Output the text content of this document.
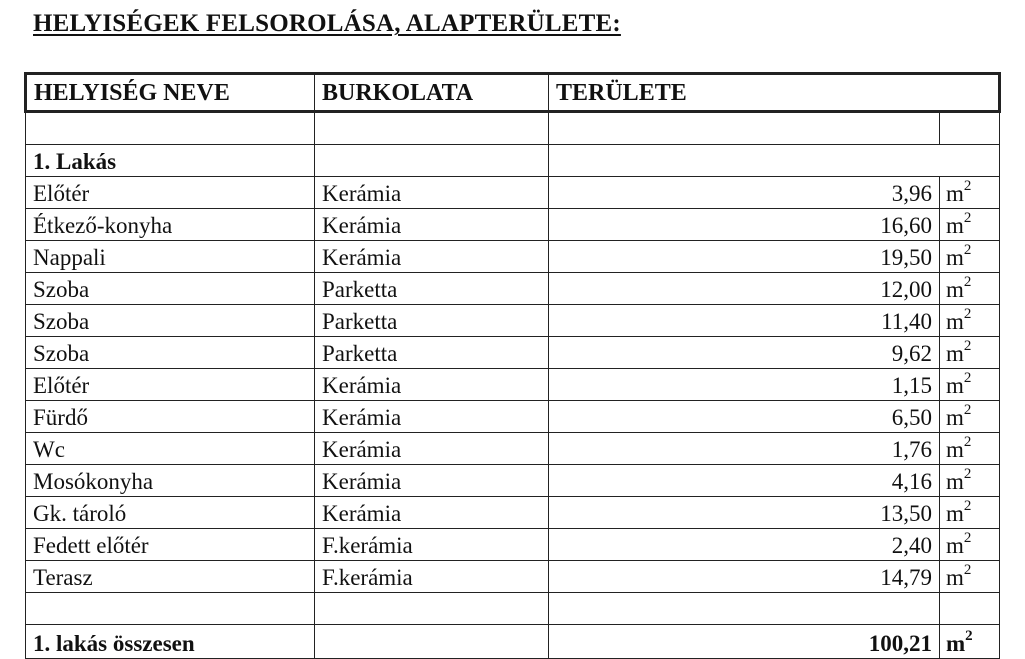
HELYISÉGEK FELSOROLÁSA, ALAPTERÜLETE:
HELYISÉG NEVE	BURKOLATA	TERÜLETE	

1. Lakás			
Előtér	Kerámia	3,96	$m^2$
Étkező-konyha	Kerámia	16,60	$m^2$
Nappali	Kerámia	19,50	$m^2$
Szoba	Parketta	12,00	$m^2$
Szoba	Parketta	11,40	$m^2$
Szoba	Parketta	9,62	$m^2$
Előtér	Kerámia	1,15	$m^2$
Fürdő	Kerámia	6,50	$m^2$
Wc	Kerámia	1,76	$m^2$
Mosókonyha	Kerámia	4,16	$m^2$
Gk. tároló	Kerámia	13,50	$m^2$
Fedett előtér	F.kerámia	2,40	$m^2$
Terasz	F.kerámia	14,79	$m^2$

1. lakás összesen		100,21	$m^2$
